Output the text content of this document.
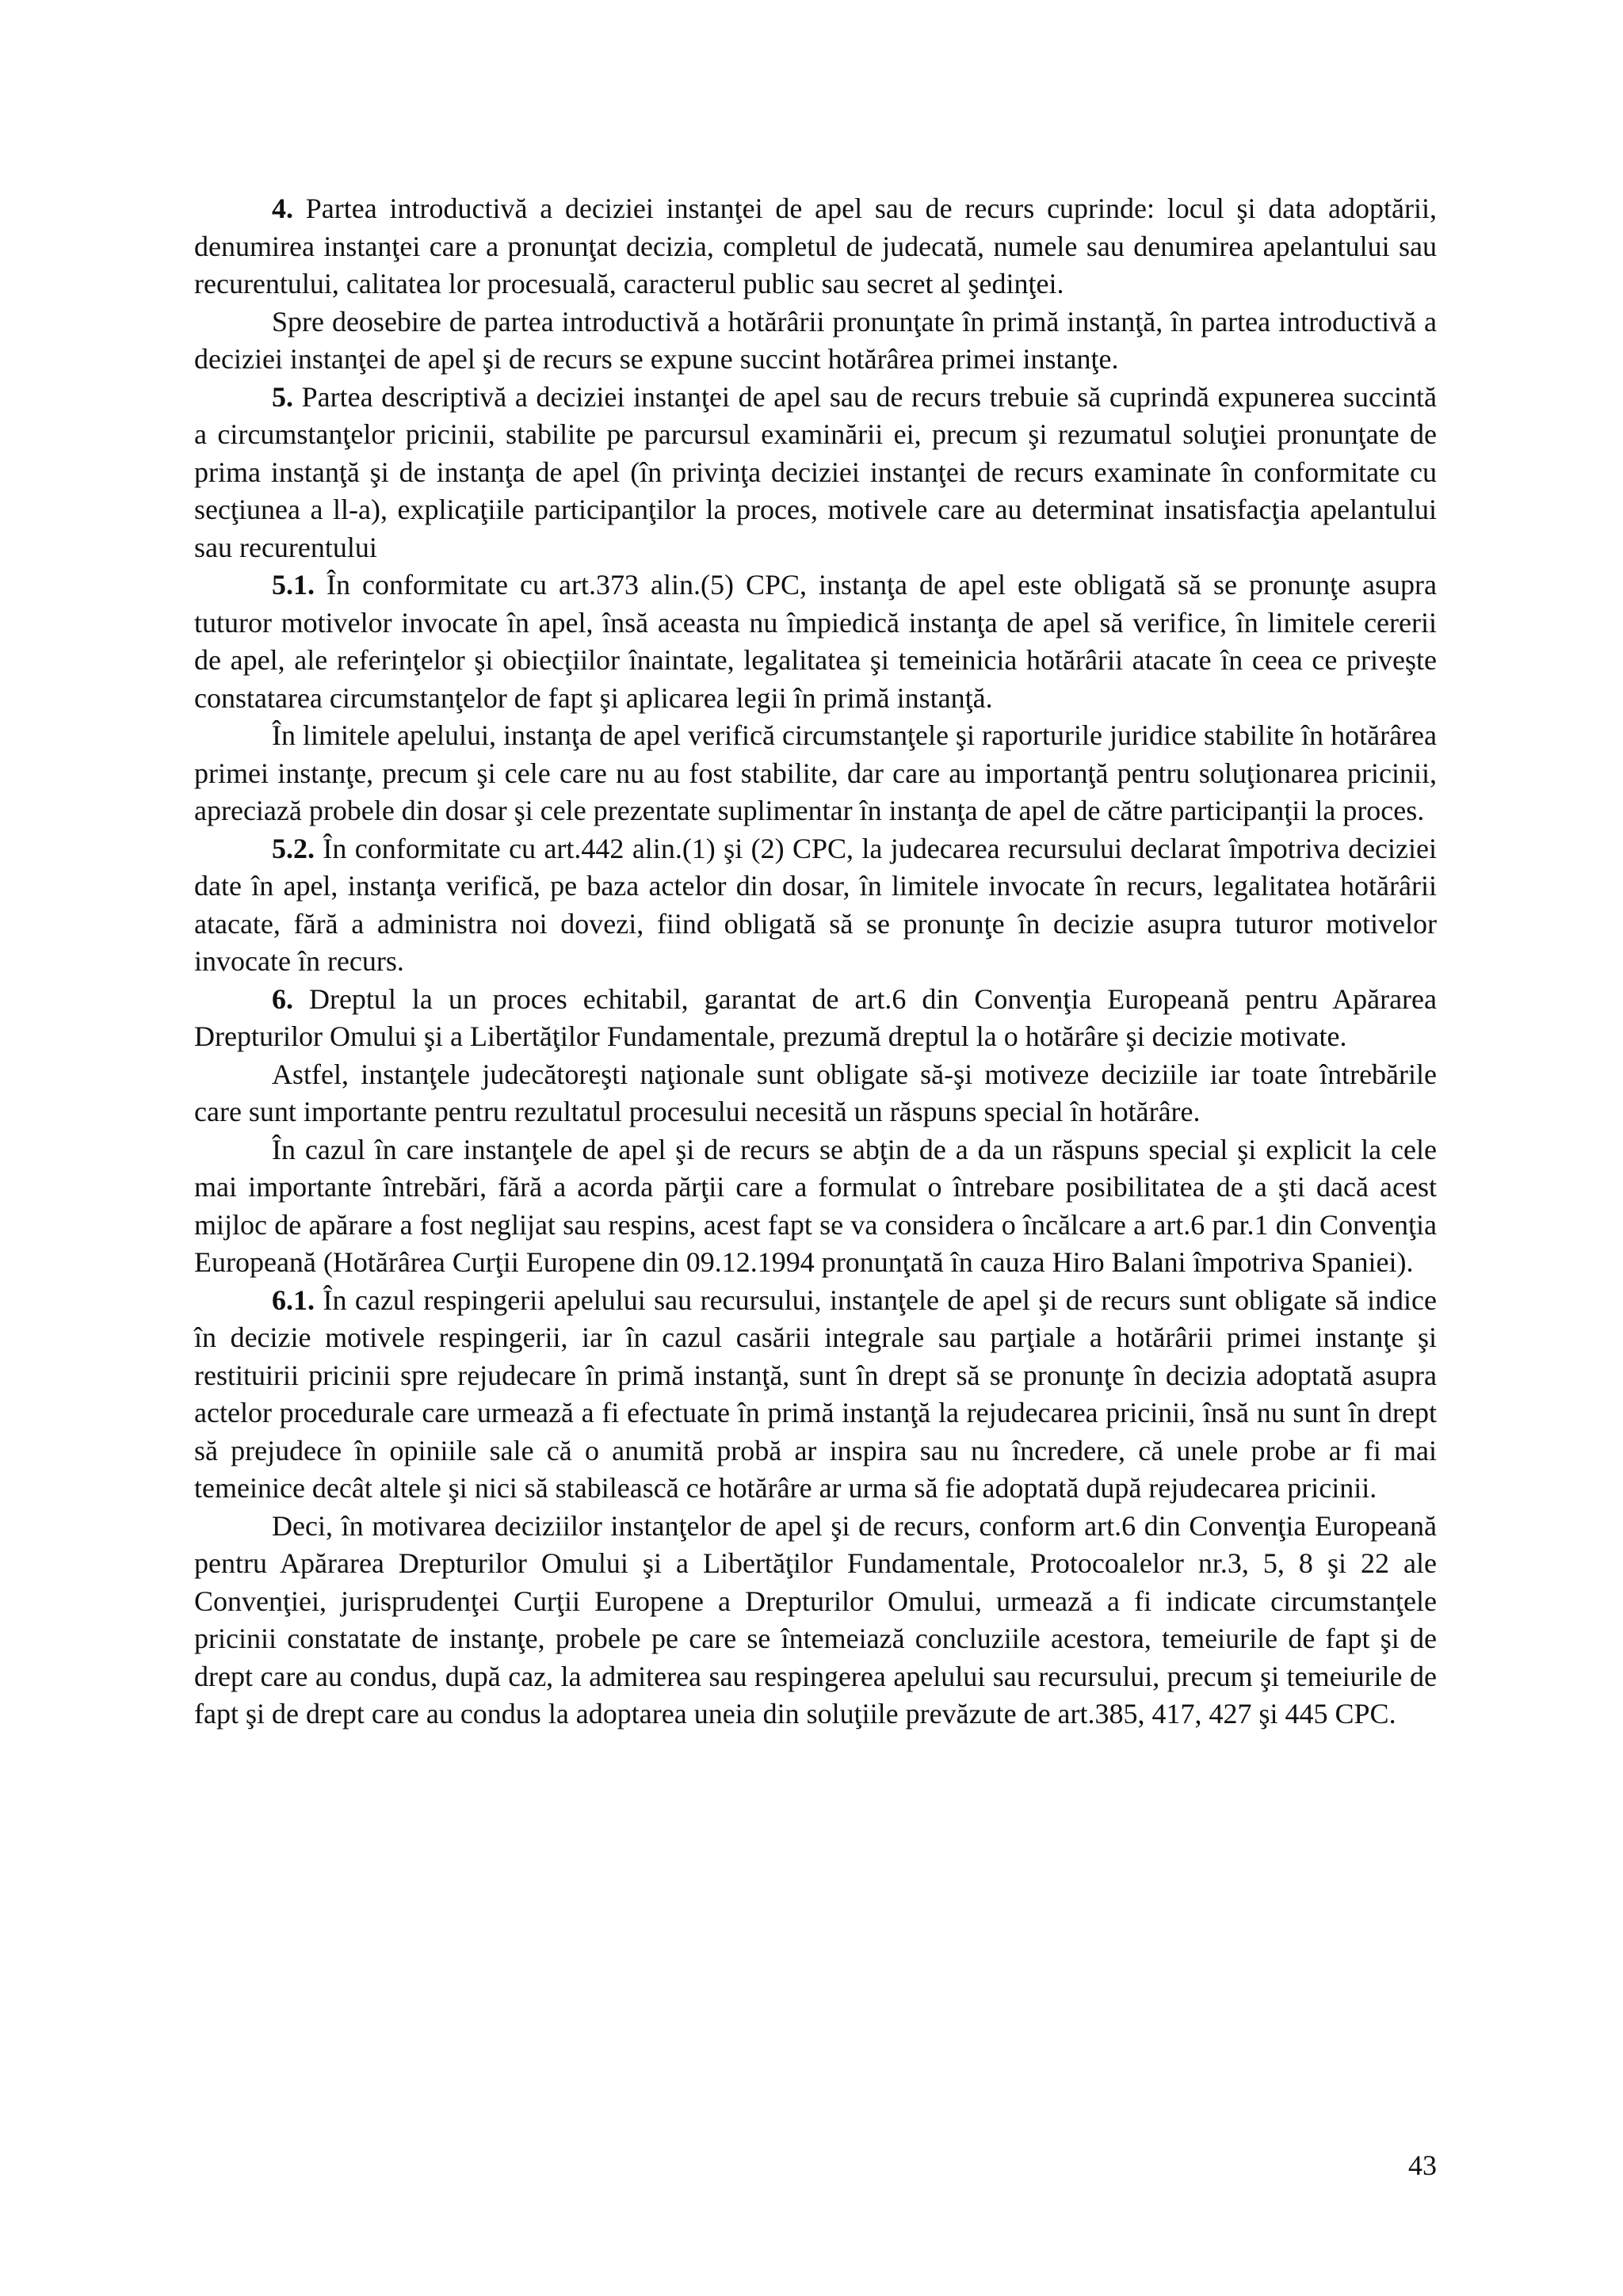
4. Partea introductivă a deciziei instanţei de apel sau de recurs cuprinde: locul şi data adoptării, denumirea instanţei care a pronunţat decizia, completul de judecată, numele sau denumirea apelantului sau recurentului, calitatea lor procesuală, caracterul public sau secret al şedinţei.

Spre deosebire de partea introductivă a hotărârii pronunţate în primă instanţă, în partea introductivă a deciziei instanţei de apel şi de recurs se expune succint hotărârea primei instanţe.

5. Partea descriptivă a deciziei instanţei de apel sau de recurs trebuie să cuprindă expunerea succintă a circumstanţelor pricinii, stabilite pe parcursul examinării ei, precum şi rezumatul soluţiei pronunţate de prima instanţă şi de instanţa de apel (în privinţa deciziei instanţei de recurs examinate în conformitate cu secţiunea a ll-a), explicaţiile participanţilor la proces, motivele care au determinat insatisfacţia apelantului sau recurentului

5.1. În conformitate cu art.373 alin.(5) CPC, instanţa de apel este obligată să se pronunţe asupra tuturor motivelor invocate în apel, însă aceasta nu împiedică instanţa de apel să verifice, în limitele cererii de apel, ale referinţelor şi obiecţiilor înaintate, legalitatea şi temeinicia hotărârii atacate în ceea ce priveşte constatarea circumstanţelor de fapt şi aplicarea legii în primă instanţă.

În limitele apelului, instanţa de apel verifică circumstanţele şi raporturile juridice stabilite în hotărârea primei instanţe, precum şi cele care nu au fost stabilite, dar care au importanţă pentru soluţionarea pricinii, apreciază probele din dosar şi cele prezentate suplimentar în instanţa de apel de către participanţii la proces.

5.2. În conformitate cu art.442 alin.(1) şi (2) CPC, la judecarea recursului declarat împotriva deciziei date în apel, instanţa verifică, pe baza actelor din dosar, în limitele invocate în recurs, legalitatea hotărârii atacate, fără a administra noi dovezi, fiind obligată să se pronunţe în decizie asupra tuturor motivelor invocate în recurs.

6. Dreptul la un proces echitabil, garantat de art.6 din Convenţia Europeană pentru Apărarea Drepturilor Omului şi a Libertăţilor Fundamentale, prezumă dreptul la o hotărâre şi decizie motivate.

Astfel, instanţele judecătoreşti naţionale sunt obligate să-şi motiveze deciziile iar toate întrebările care sunt importante pentru rezultatul procesului necesită un răspuns special în hotărâre.

În cazul în care instanţele de apel şi de recurs se abţin de a da un răspuns special şi explicit la cele mai importante întrebări, fără a acorda părţii care a formulat o întrebare posibilitatea de a şti dacă acest mijloc de apărare a fost neglijat sau respins, acest fapt se va considera o încălcare a art.6 par.1 din Convenţia Europeană (Hotărârea Curţii Europene din 09.12.1994 pronunţată în cauza Hiro Balani împotriva Spaniei).

6.1. În cazul respingerii apelului sau recursului, instanţele de apel şi de recurs sunt obligate să indice în decizie motivele respingerii, iar în cazul casării integrale sau parţiale a hotărârii primei instanţe şi restituirii pricinii spre rejudecare în primă instanţă, sunt în drept să se pronunţe în decizia adoptată asupra actelor procedurale care urmează a fi efectuate în primă instanţă la rejudecarea pricinii, însă nu sunt în drept să prejudece în opiniile sale că o anumită probă ar inspira sau nu încredere, că unele probe ar fi mai temeinice decât altele şi nici să stabilească ce hotărâre ar urma să fie adoptată după rejudecarea pricinii.

Deci, în motivarea deciziilor instanţelor de apel şi de recurs, conform art.6 din Convenţia Europeană pentru Apărarea Drepturilor Omului şi a Libertăţilor Fundamentale, Protocoalelor nr.3, 5, 8 şi 22 ale Convenţiei, jurisprudenţei Curţii Europene a Drepturilor Omului, urmează a fi indicate circumstanţele pricinii constatate de instanţe, probele pe care se întemeiază concluziile acestora, temeiurile de fapt şi de drept care au condus, după caz, la admiterea sau respingerea apelului sau recursului, precum şi temeiurile de fapt şi de drept care au condus la adoptarea uneia din soluţiile prevăzute de art.385, 417, 427 şi 445 CPC.

43
